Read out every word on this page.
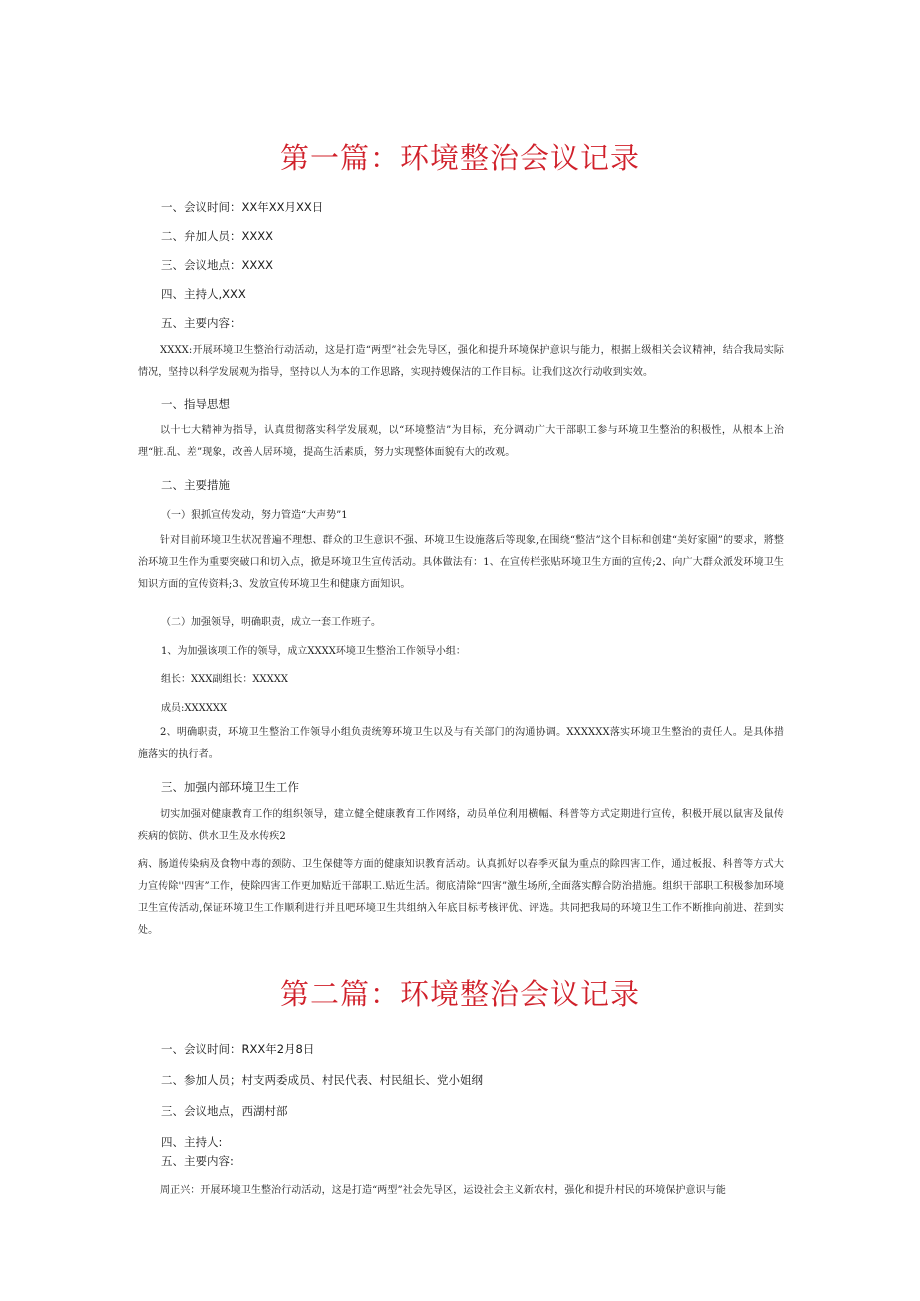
第一篇：环境整治会议记录
一、会议时间：XX年XX月XX日
二、弁加人员：XXXX
三、会议地点：XXXX
四、主持人,XXX
五、主要内容：
XXXX:开展环境卫生整治行动活动，这是打造“两型”社会先导区，强化和提升环境保护意识与能力，根据上级相关会议精神，结合我局实际情况，坚持以科学发展观为指导，坚持以人为本的工作思路，实现持嫂保洁的工作目标。让我们这次行动收到实效。
一、指导思想
以十七大精神为指导，认真贯彻落实科学发展观，以“环境整洁”为目标，充分调动广大干部职工参与环境卫生整治的积极性，从根本上治理“脏.乱、差”现象，改善人居环境，提高生活素质，努力实现整体面貌有大的改观。
二、主要措施
（一）狠抓宣传发动，努力管造“大声势”1
针对目前环境卫生状况普遍不理想、群众的卫生意识不强、环境卫生设施落后等现象,在围绕“整洁”这个目标和创建“美好家園”的要求，將整治环境卫生作为重要突破口和切入点，掀是环境卫生宣传活动。具体做法有：1、在宣传栏张贴环境卫生方面的宣传;2、向广大群众派发环境卫生知识方面的宣传资料;3、发放宣传环境卫生和健康方面知识。
（二）加强领导，明确职责，成立一套工作班子。
1、为加强该项工作的领导，成立XXXX环境卫生整治工作领导小组：
组长：XXX副组长：XXXXX
成员:XXXXXX
2、明确职责，环境卫生整治工作领导小组负责统筹环境卫生以及与有关部门的沟通协调。XXXXXX落实环境卫生整治的责任人。是具体措施落实的执行者。
三、加强内部环境卫生工作
切实加强对健康教育工作的组织领导，建立健全健康教育工作网络，动员单位利用横幅、科普等方式定期进行宣传，积极开展以鼠害及鼠传疾病的傧防、供水卫生及水传疾2
病、肠道传染病及食物中毒的颈防、卫生保健等方面的健康知识教育活动。认真抓好以春季灭鼠为重点的除四害工作，通过板报、科普等方式大力宣传除''四害”工作，使除四害工作更加贴近干部职工.贴近生活。彻底清除“四害”激生场所,全面落实醇合防治措施。组织干部职工积极参加环境卫生宣传活动,保证环境卫生工作顺利进行并且吧环境卫生共组纳入年底目标考核评优、评选。共同把我局的环境卫生工作不断推向前进、茬到实处。
第二篇：环境整治会议记录
一、会议时间：RXX年2月8日
二、参加人员；村支两委成员、村民代表、村民組长、党小姐纲
三、会议地点，西湖村部
四、主持人:
五、主要内容:
周正兴：开展环境卫生整治行动活动，这是打造“两型”社会先导区，运设社会主义新农村，强化和提升村民的环境保护意识与能
